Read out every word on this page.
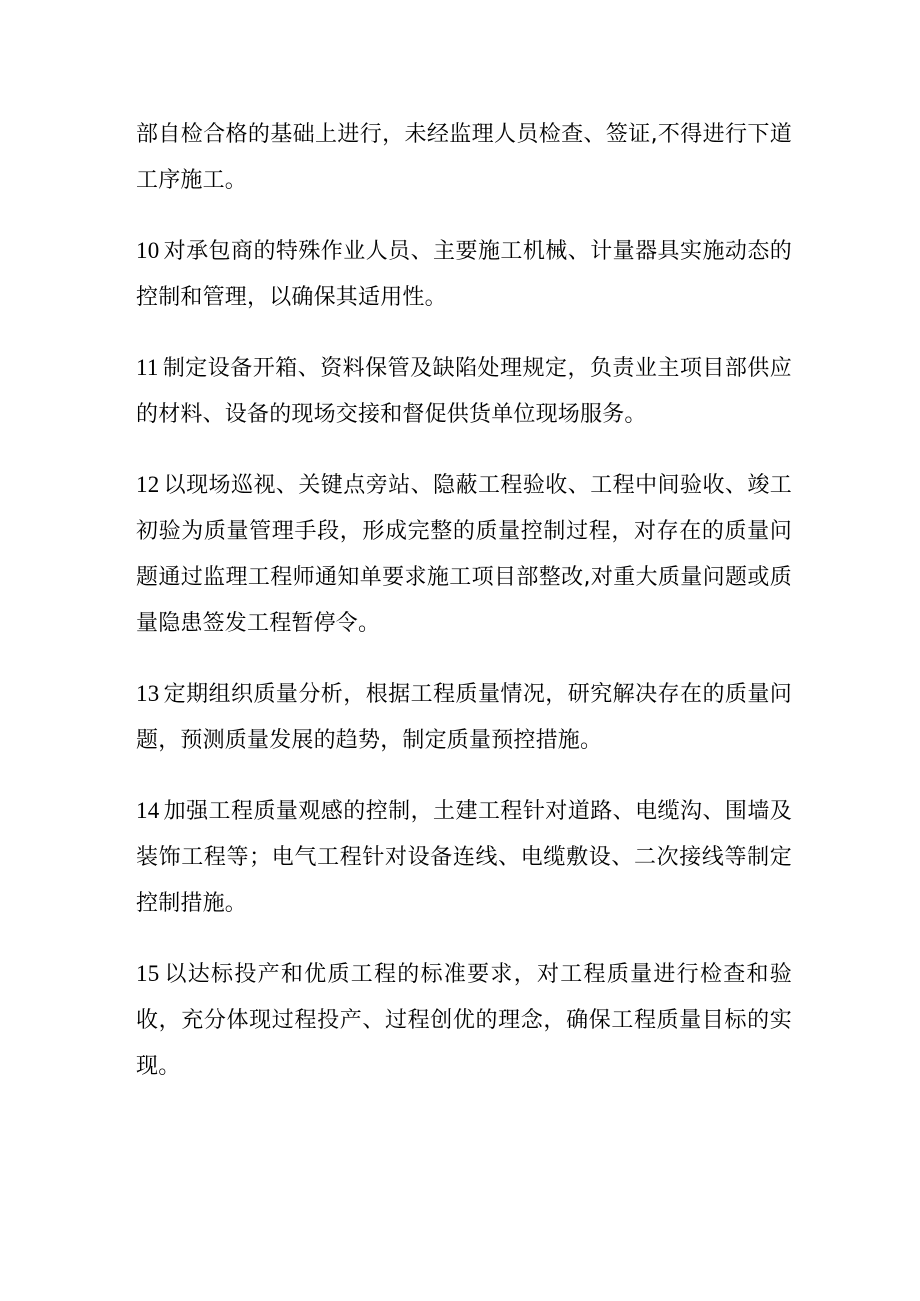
部自检合格的基础上进行，未经监理人员检查、签证,不得进行下道工序施工。

10 对承包商的特殊作业人员、主要施工机械、计量器具实施动态的控制和管理，以确保其适用性。

11 制定设备开箱、资料保管及缺陷处理规定，负责业主项目部供应的材料、设备的现场交接和督促供货单位现场服务。

12 以现场巡视、关键点旁站、隐蔽工程验收、工程中间验收、竣工初验为质量管理手段，形成完整的质量控制过程，对存在的质量问题通过监理工程师通知单要求施工项目部整改,对重大质量问题或质量隐患签发工程暂停令。

13 定期组织质量分析，根据工程质量情况，研究解决存在的质量问题，预测质量发展的趋势，制定质量预控措施。

14 加强工程质量观感的控制，土建工程针对道路、电缆沟、围墙及装饰工程等；电气工程针对设备连线、电缆敷设、二次接线等制定控制措施。

15 以达标投产和优质工程的标准要求，对工程质量进行检查和验收，充分体现过程投产、过程创优的理念，确保工程质量目标的实现。
